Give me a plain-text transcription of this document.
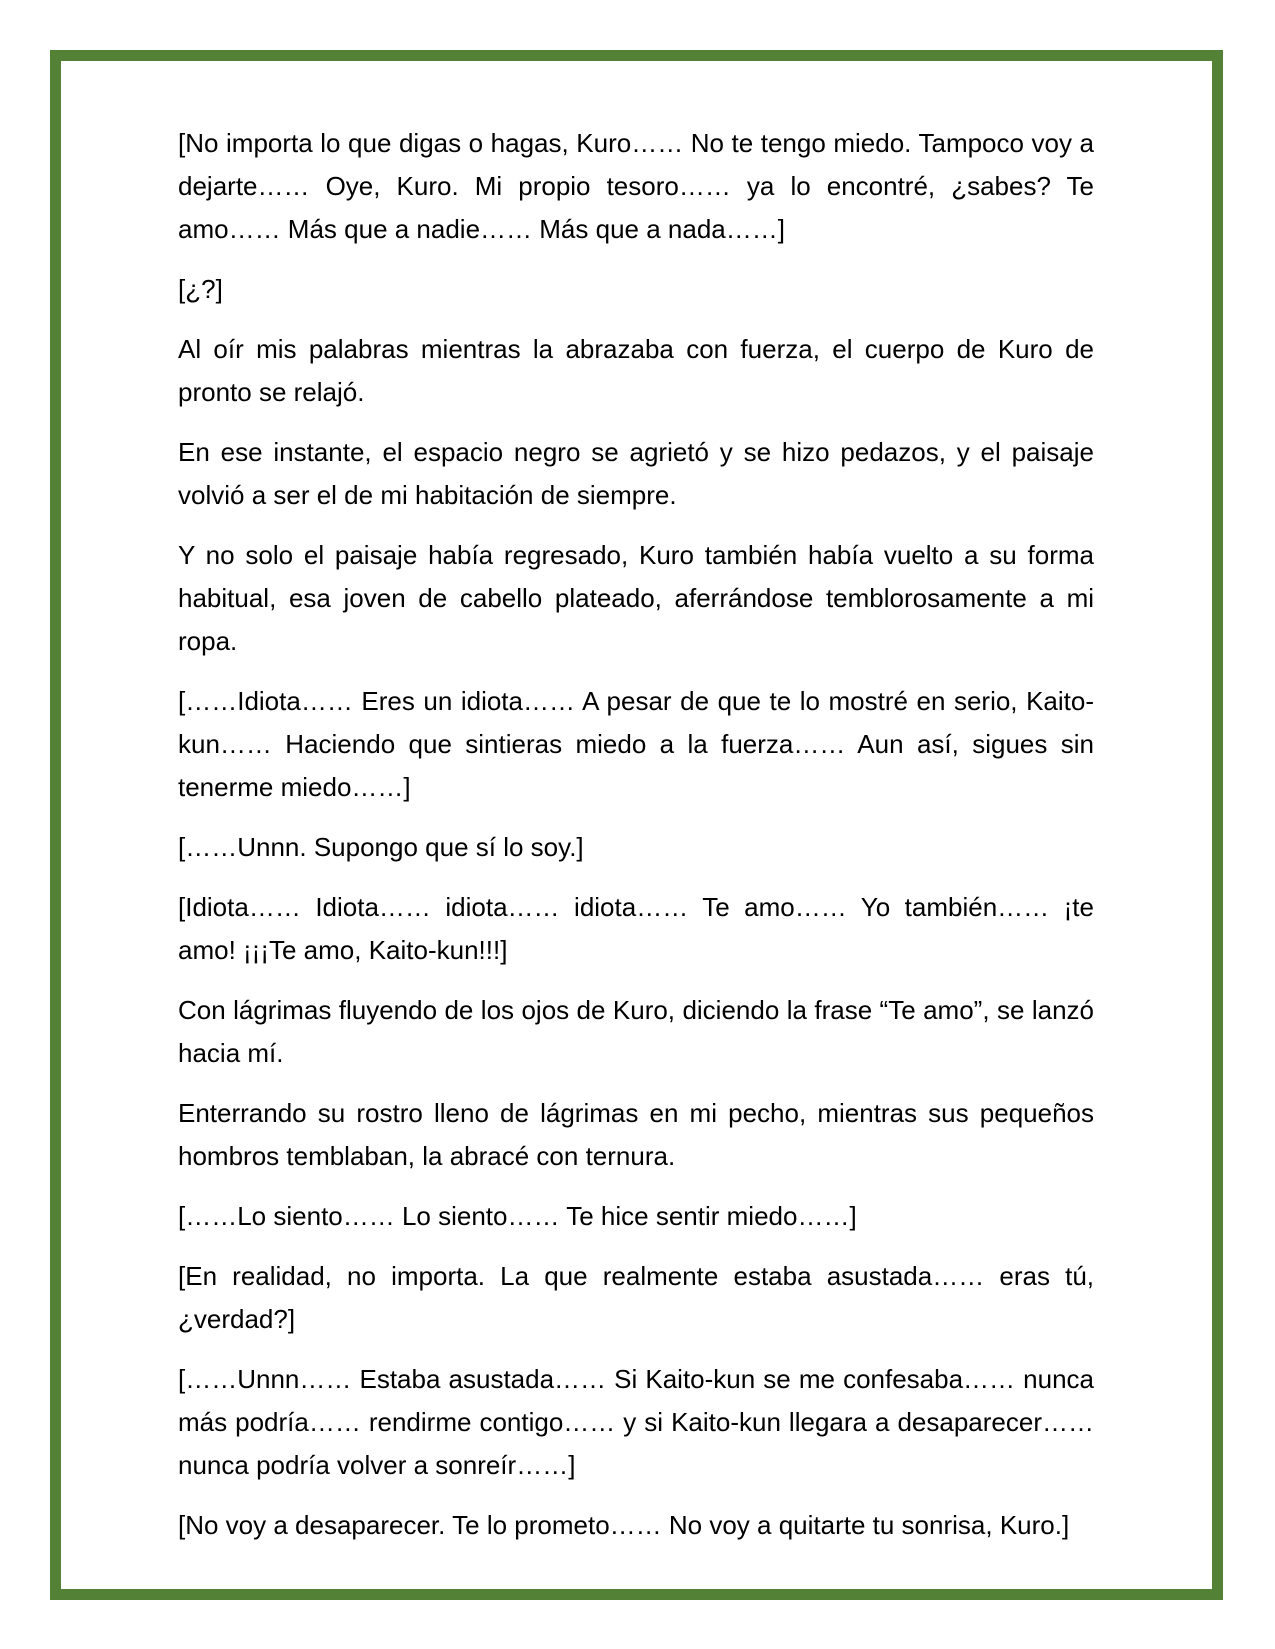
[No importa lo que digas o hagas, Kuro…… No te tengo miedo. Tampoco voy a dejarte…… Oye, Kuro. Mi propio tesoro…… ya lo encontré, ¿sabes? Te amo…… Más que a nadie…… Más que a nada……]

[¿?]

Al oír mis palabras mientras la abrazaba con fuerza, el cuerpo de Kuro de pronto se relajó.

En ese instante, el espacio negro se agrietó y se hizo pedazos, y el paisaje volvió a ser el de mi habitación de siempre.

Y no solo el paisaje había regresado, Kuro también había vuelto a su forma habitual, esa joven de cabello plateado, aferrándose temblorosamente a mi ropa.

[……Idiota…… Eres un idiota…… A pesar de que te lo mostré en serio, Kaito-kun…… Haciendo que sintieras miedo a la fuerza…… Aun así, sigues sin tenerme miedo……]

[……Unnn. Supongo que sí lo soy.]

[Idiota…… Idiota…… idiota…… idiota…… Te amo…… Yo también…… ¡te amo! ¡¡¡Te amo, Kaito-kun!!!]

Con lágrimas fluyendo de los ojos de Kuro, diciendo la frase “Te amo”, se lanzó hacia mí.

Enterrando su rostro lleno de lágrimas en mi pecho, mientras sus pequeños hombros temblaban, la abracé con ternura.

[……Lo siento…… Lo siento…… Te hice sentir miedo……]

[En realidad, no importa. La que realmente estaba asustada…… eras tú, ¿verdad?]

[……Unnn…… Estaba asustada…… Si Kaito-kun se me confesaba…… nunca más podría…… rendirme contigo…… y si Kaito-kun llegara a desaparecer…… nunca podría volver a sonreír……]

[No voy a desaparecer. Te lo prometo…… No voy a quitarte tu sonrisa, Kuro.]
